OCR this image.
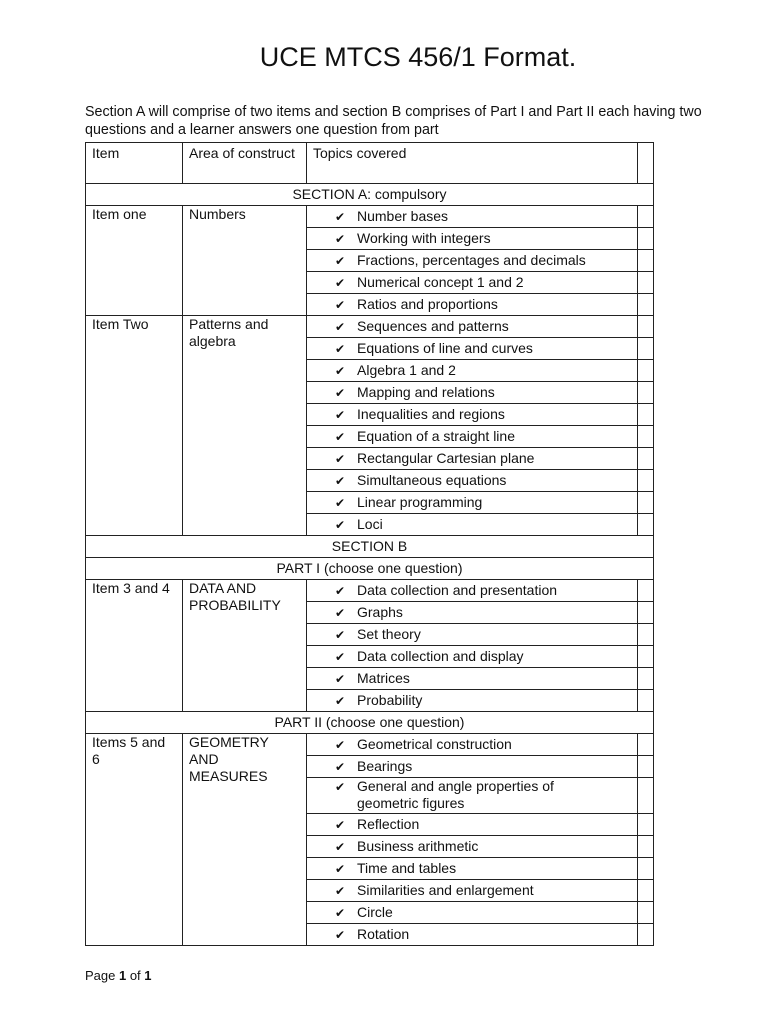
UCE MTCS 456/1 Format.
Section A will comprise of two items and section B comprises of Part I and Part II each having two questions and a learner answers one question from part
Item	Area of construct	Topics covered	
SECTION A: compulsory			
Item one	Numbers	✔ Number bases	
		✔ Working with integers	
		✔ Fractions, percentages and decimals	
		✔ Numerical concept 1 and 2	
		✔ Ratios and proportions	
Item Two	Patterns and algebra	✔ Sequences and patterns	
		✔ Equations of line and curves	
		✔ Algebra 1 and 2	
		✔ Mapping and relations	
		✔ Inequalities and regions	
		✔ Equation of a straight line	
		✔ Rectangular Cartesian plane	
		✔ Simultaneous equations	
		✔ Linear programming	
		✔ Loci	
SECTION B			
PART I (choose one question)			
Item 3 and 4	DATA AND PROBABILITY	✔ Data collection and presentation	
		✔ Graphs	
		✔ Set theory	
		✔ Data collection and display	
		✔ Matrices	
		✔ Probability	
PART II (choose one question)			
Items 5 and 6	GEOMETRY AND MEASURES	✔ Geometrical construction	
		✔ Bearings	
		✔ General and angle properties of geometric figures	
		✔ Reflection	
		✔ Business arithmetic	
		✔ Time and tables	
		✔ Similarities and enlargement	
		✔ Circle	
		✔ Rotation	
Page 1 of 1
